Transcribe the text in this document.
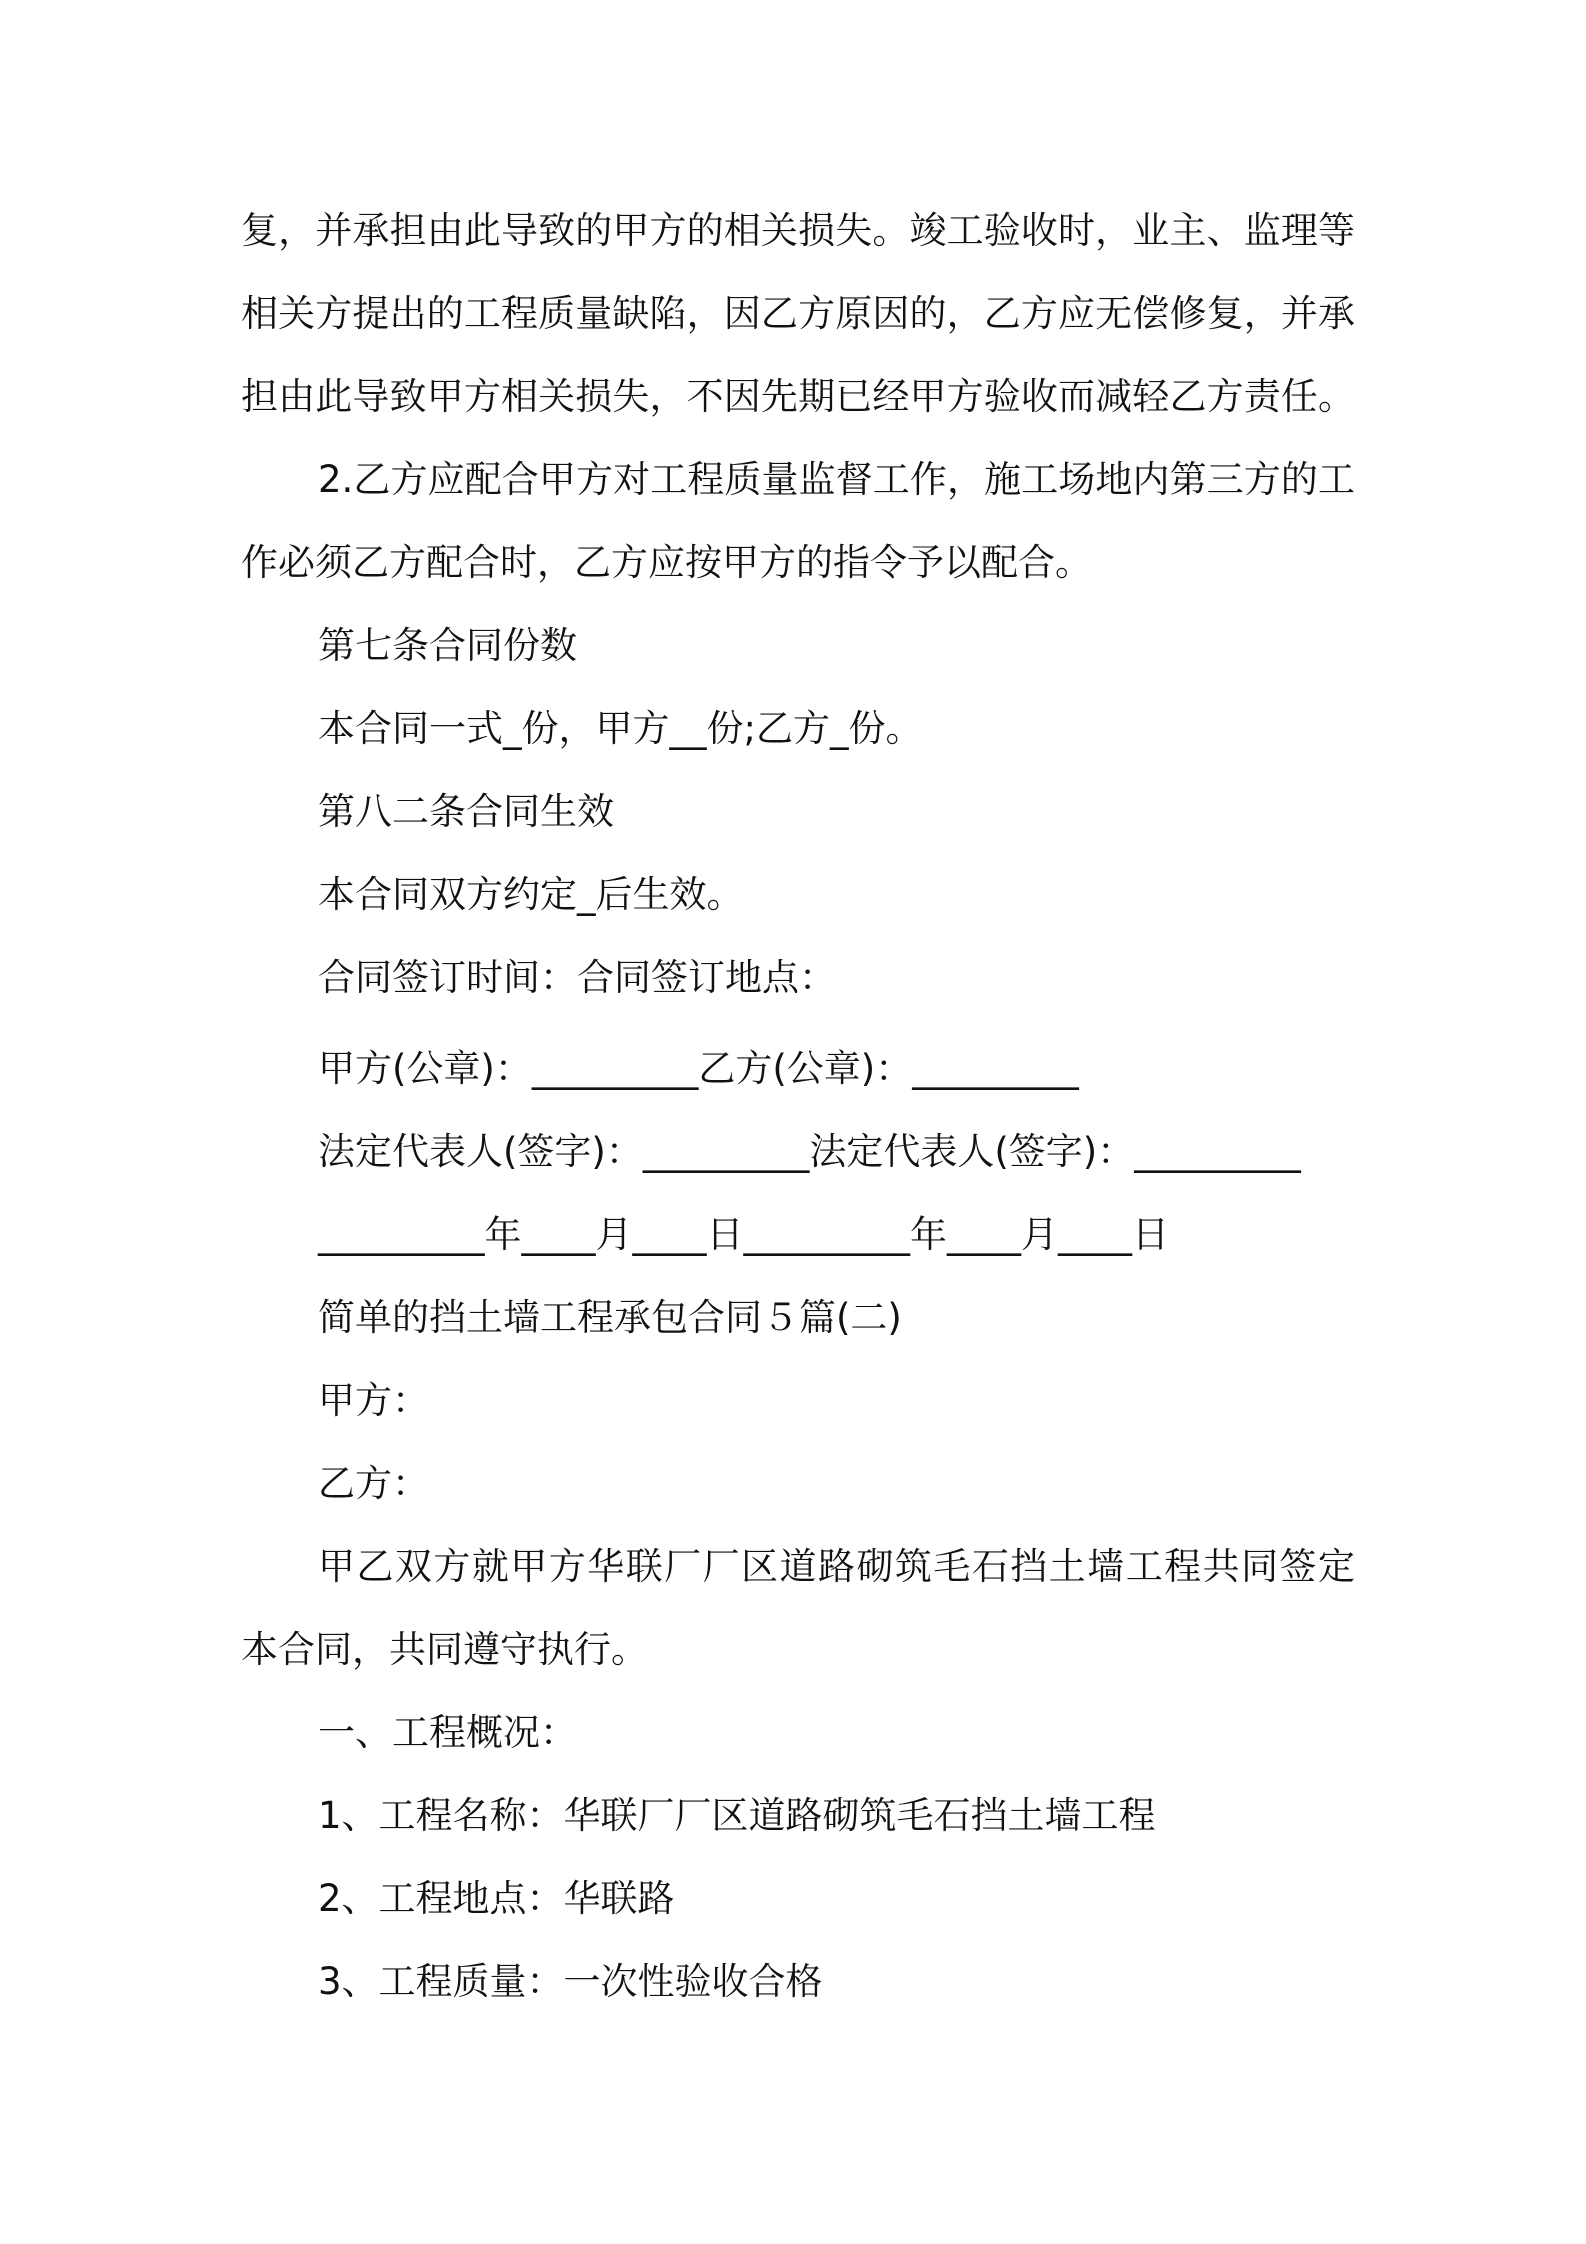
复，并承担由此导致的甲方的相关损失。竣工验收时，业主、监理等
相关方提出的工程质量缺陷，因乙方原因的，乙方应无偿修复，并承
担由此导致甲方相关损失，不因先期已经甲方验收而减轻乙方责任。
2.乙方应配合甲方对工程质量监督工作，施工场地内第三方的工
作必须乙方配合时，乙方应按甲方的指令予以配合。
第七条合同份数
本合同一式_份，甲方__份;乙方_份。
第八二条合同生效
本合同双方约定_后生效。
合同签订时间：合同签订地点：
甲方(公章)：_________乙方(公章)：_________
法定代表人(签字)：_________法定代表人(签字)：_________
_________年____月____日_________年____月____日
简单的挡土墙工程承包合同５篇(二)
甲方：
乙方：
甲乙双方就甲方华联厂厂区道路砌筑毛石挡土墙工程共同签定
本合同，共同遵守执行。
一、工程概况：
1、工程名称：华联厂厂区道路砌筑毛石挡土墙工程
2、工程地点：华联路
3、工程质量：一次性验收合格
